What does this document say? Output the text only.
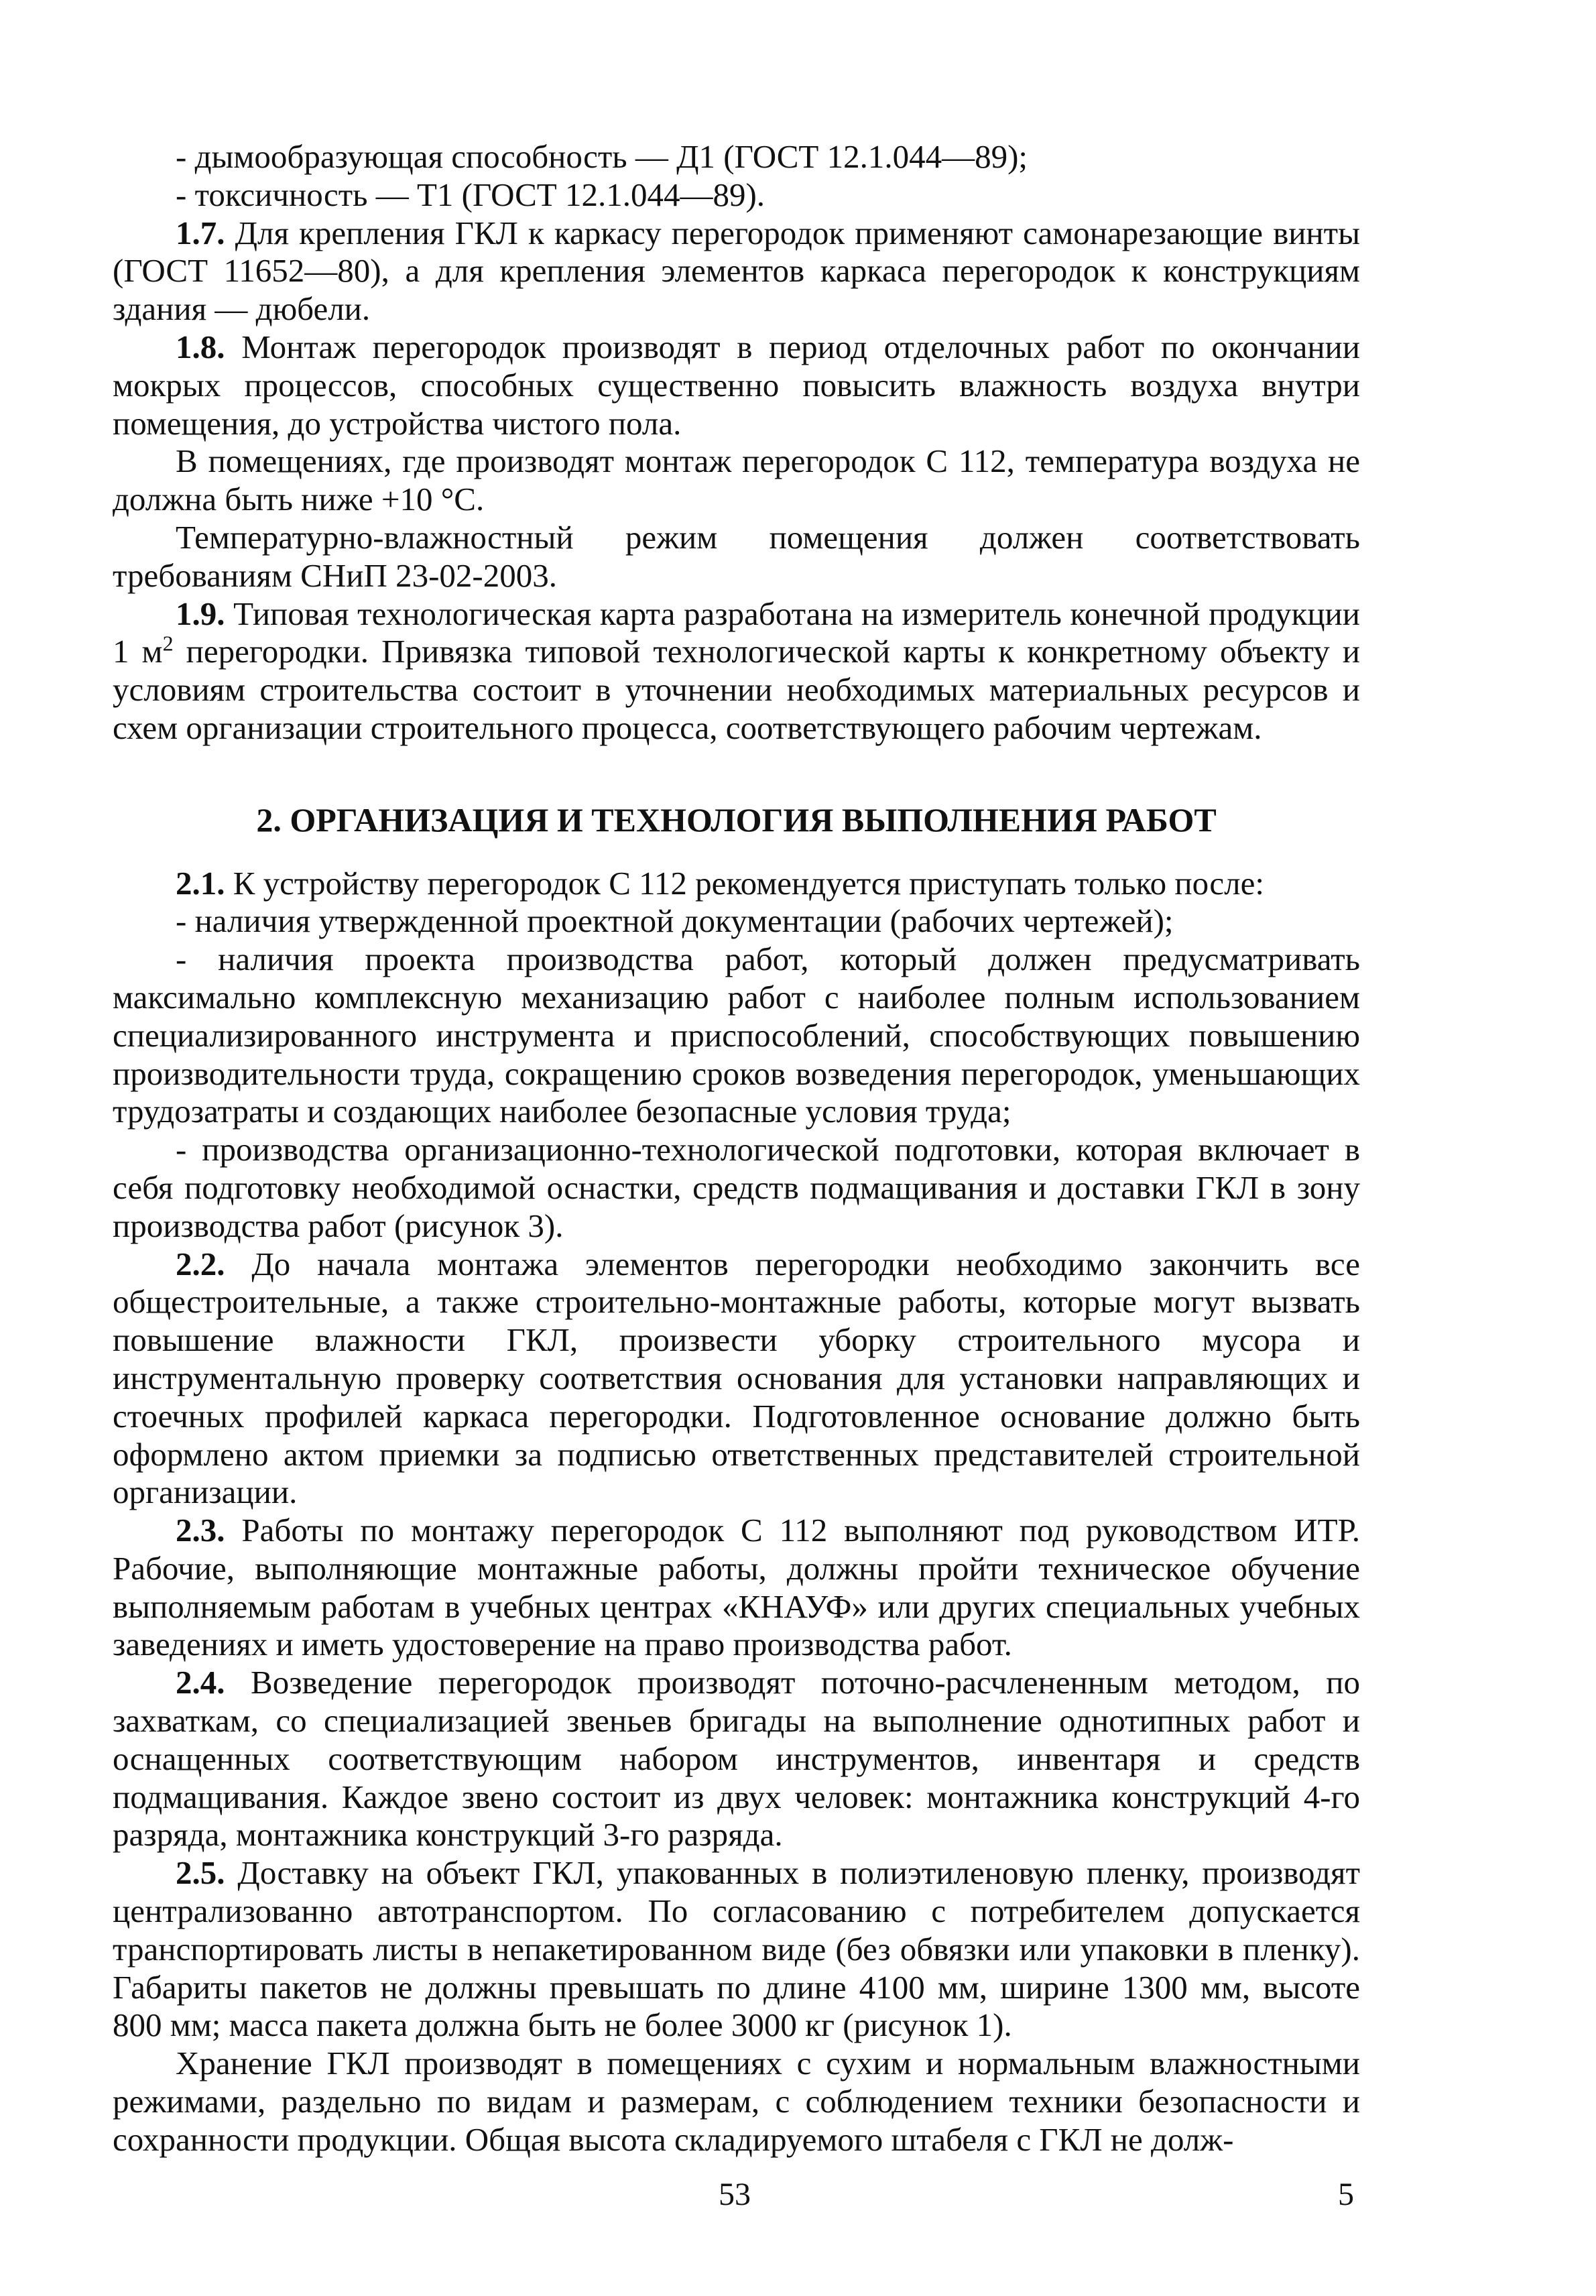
- дымообразующая способность — Д1 (ГОСТ 12.1.044—89);

- токсичность — Т1 (ГОСТ 12.1.044—89).

1.7. Для крепления ГКЛ к каркасу перегородок применяют самонарезающие винты (ГОСТ 11652—80), а для крепления элементов каркаса перегородок к конструкциям здания — дюбели.

1.8. Монтаж перегородок производят в период отделочных работ по окончании мокрых процессов, способных существенно повысить влажность воздуха внутри помещения, до устройства чистого пола.

В помещениях, где производят монтаж перегородок С 112, температура воздуха не должна быть ниже +10 °С.

Температурно-влажностный режим помещения должен соответствовать требованиям СНиП 23-02-2003.

1.9. Типовая технологическая карта разработана на измеритель конечной продукции 1 $м^2$ перегородки. Привязка типовой технологической карты к конкретному объекту и условиям строительства состоит в уточнении необходимых материальных ресурсов и схем организации строительного процесса, соответствующего рабочим чертежам.

2. ОРГАНИЗАЦИЯ И ТЕХНОЛОГИЯ ВЫПОЛНЕНИЯ РАБОТ

2.1. К устройству перегородок С 112 рекомендуется приступать только после:

- наличия утвержденной проектной документации (рабочих чертежей);

- наличия проекта производства работ, который должен предусматривать максимально комплексную механизацию работ с наиболее полным использованием специализированного инструмента и приспособлений, способствующих повышению производительности труда, сокращению сроков возведения перегородок, уменьшающих трудозатраты и создающих наиболее безопасные условия труда;

- производства организационно-технологической подготовки, которая включает в себя подготовку необходимой оснастки, средств подмащивания и доставки ГКЛ в зону производства работ (рисунок 3).

2.2. До начала монтажа элементов перегородки необходимо закончить все общестроительные, а также строительно-монтажные работы, которые могут вызвать повышение влажности ГКЛ, произвести уборку строительного мусора и инструментальную проверку соответствия основания для установки направляющих и стоечных профилей каркаса перегородки. Подготовленное основание должно быть оформлено актом приемки за подписью ответственных представителей строительной организации.

2.3. Работы по монтажу перегородок С 112 выполняют под руководством ИТР. Рабочие, выполняющие монтажные работы, должны пройти техническое обучение выполняемым работам в учебных центрах «КНАУФ» или других специальных учебных заведениях и иметь удостоверение на право производства работ.

2.4. Возведение перегородок производят поточно-расчлененным методом, по захваткам, со специализацией звеньев бригады на выполнение однотипных работ и оснащенных соответствующим набором инструментов, инвентаря и средств подмащивания. Каждое звено состоит из двух человек: монтажника конструкций 4-го разряда, монтажника конструкций 3-го разряда.

2.5. Доставку на объект ГКЛ, упакованных в полиэтиленовую пленку, производят централизованно автотранспортом. По согласованию с потребителем допускается транспортировать листы в непакетированном виде (без обвязки или упаковки в пленку). Габариты пакетов не должны превышать по длине 4100 мм, ширине 1300 мм, высоте 800 мм; масса пакета должна быть не более 3000 кг (рисунок 1).

Хранение ГКЛ производят в помещениях с сухим и нормальным влажностными режимами, раздельно по видам и размерам, с соблюдением техники безопасности и сохранности продукции. Общая высота складируемого штабеля с ГКЛ не долж-

53	5
